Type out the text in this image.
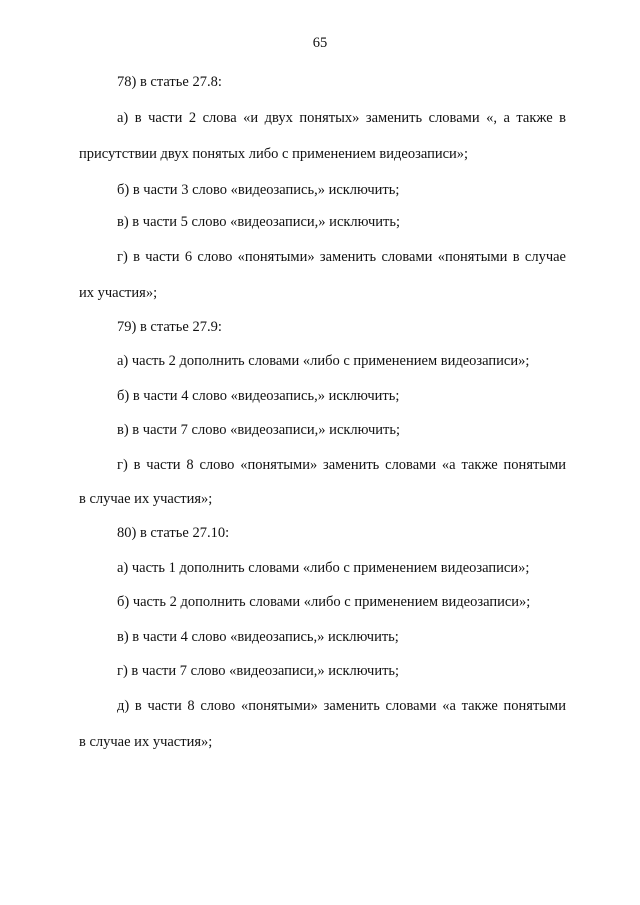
65
78) в статье 27.8:
а) в части 2 слова «и двух понятых» заменить словами «, а также в
присутствии двух понятых либо с применением видеозаписи»;
б) в части 3 слово «видеозапись,» исключить;
в) в части 5 слово «видеозаписи,» исключить;
г) в части 6 слово «понятыми» заменить словами «понятыми в случае
их участия»;
79) в статье 27.9:
а) часть 2 дополнить словами «либо с применением видеозаписи»;
б) в части 4 слово «видеозапись,» исключить;
в) в части 7 слово «видеозаписи,» исключить;
г) в части 8 слово «понятыми» заменить словами «а также понятыми
в случае их участия»;
80) в статье 27.10:
а) часть 1 дополнить словами «либо с применением видеозаписи»;
б) часть 2 дополнить словами «либо с применением видеозаписи»;
в) в части 4 слово «видеозапись,» исключить;
г) в части 7 слово «видеозаписи,» исключить;
д) в части 8 слово «понятыми» заменить словами «а также понятыми
в случае их участия»;
